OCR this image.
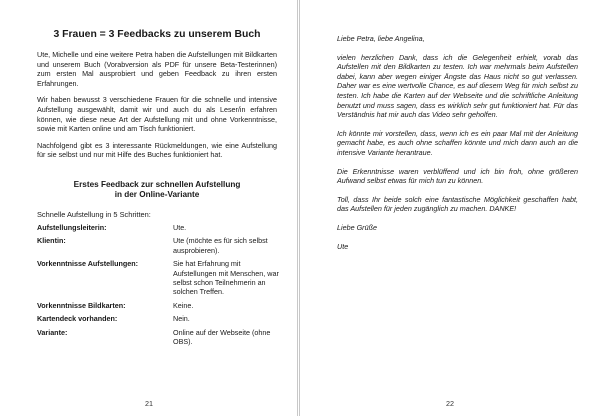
3 Frauen = 3 Feedbacks zu unserem Buch

Ute, Michelle und eine weitere Petra haben die Aufstellungen mit Bildkarten und unserem Buch (Vorabversion als PDF für unsere Beta-Testerinnen) zum ersten Mal ausprobiert und geben Feedback zu ihren ersten Erfahrungen.

Wir haben bewusst 3 verschiedene Frauen für die schnelle und intensive Aufstellung ausgewählt, damit wir und auch du als Leser/in erfahren können, wie diese neue Art der Aufstellung mit und ohne Vorkenntnisse, sowie mit Karten online und am Tisch funktioniert.

Nachfolgend gibt es 3 interessante Rückmeldungen, wie eine Aufstellung für sie selbst und nur mit Hilfe des Buches funktioniert hat.

Erstes Feedback zur schnellen Aufstellung
in der Online-Variante
Schnelle Aufstellung in 5 Schritten:
Aufstellungsleiterin:	Ute.
Klientin:	Ute (möchte es für sich selbst ausprobieren).
Vorkenntnisse Aufstellungen:	Sie hat Erfahrung mit Aufstellungen mit Menschen, war selbst schon Teilnehmerin an solchen Treffen.
Vorkenntnisse Bildkarten:	Keine.
Kartendeck vorhanden:	Nein.
Variante:	Online auf der Webseite (ohne OBS).
21

Liebe Petra, liebe Angelina,

vielen herzlichen Dank, dass ich die Gelegenheit erhielt, vorab das Aufstellen mit den Bildkarten zu testen. Ich war mehrmals beim Aufstellen dabei, kann aber wegen einiger Ängste das Haus nicht so gut verlassen. Daher war es eine wertvolle Chance, es auf diesem Weg für mich selbst zu testen. Ich habe die Karten auf der Webseite und die schriftliche Anleitung benutzt und muss sagen, dass es wirklich sehr gut funktioniert hat. Für das Verständnis hat mir auch das Video sehr geholfen.

Ich könnte mir vorstellen, dass, wenn ich es ein paar Mal mit der Anleitung gemacht habe, es auch ohne schaffen könnte und mich dann auch an die intensive Variante herantraue.

Die Erkenntnisse waren verblüffend und ich bin froh, ohne größeren Aufwand selbst etwas für mich tun zu können.

Toll, dass Ihr beide solch eine fantastische Möglichkeit geschaffen habt, das Aufstellen für jeden zugänglich zu machen. DANKE!

Liebe Grüße

Ute

22
